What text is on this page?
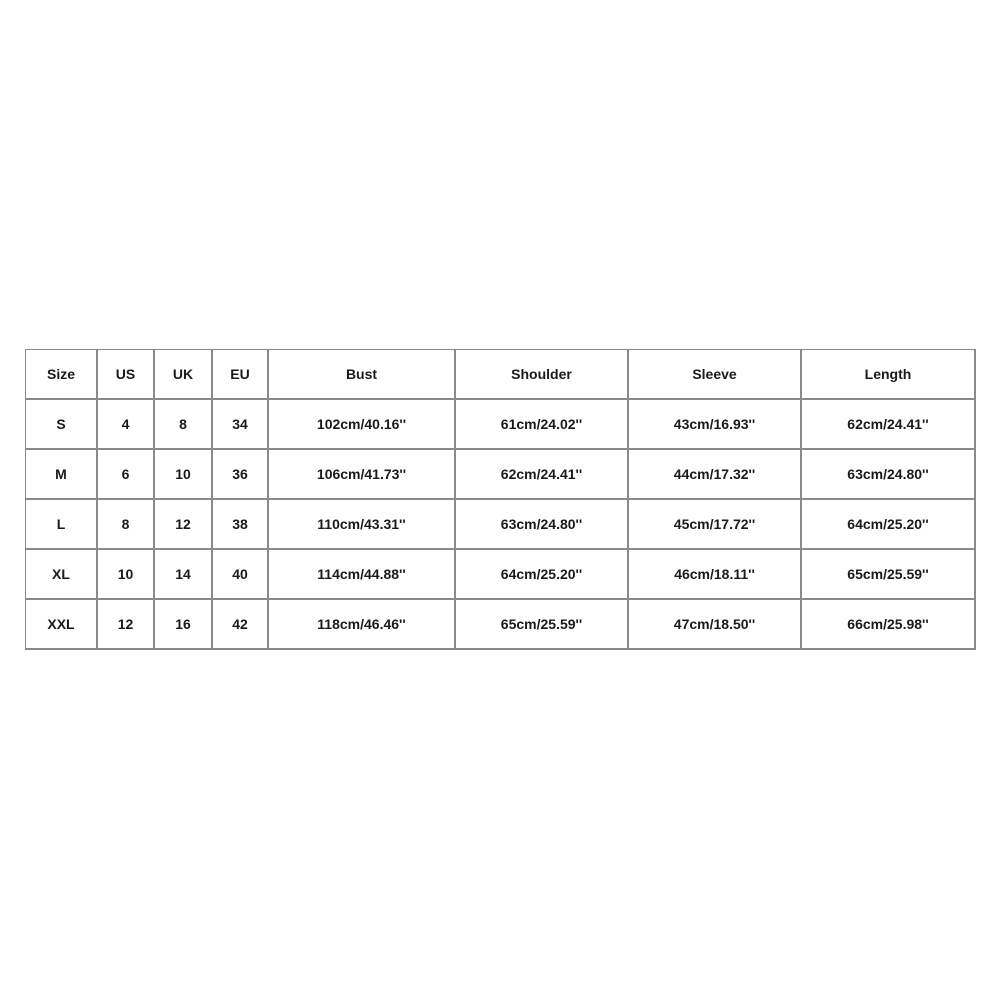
Size	US	UK	EU	Bust	Shoulder	Sleeve	Length
S	4	8	34	102cm/40.16''	61cm/24.02''	43cm/16.93''	62cm/24.41''
M	6	10	36	106cm/41.73''	62cm/24.41''	44cm/17.32''	63cm/24.80''
L	8	12	38	110cm/43.31''	63cm/24.80''	45cm/17.72''	64cm/25.20''
XL	10	14	40	114cm/44.88''	64cm/25.20''	46cm/18.11''	65cm/25.59''
XXL	12	16	42	118cm/46.46''	65cm/25.59''	47cm/18.50''	66cm/25.98''
